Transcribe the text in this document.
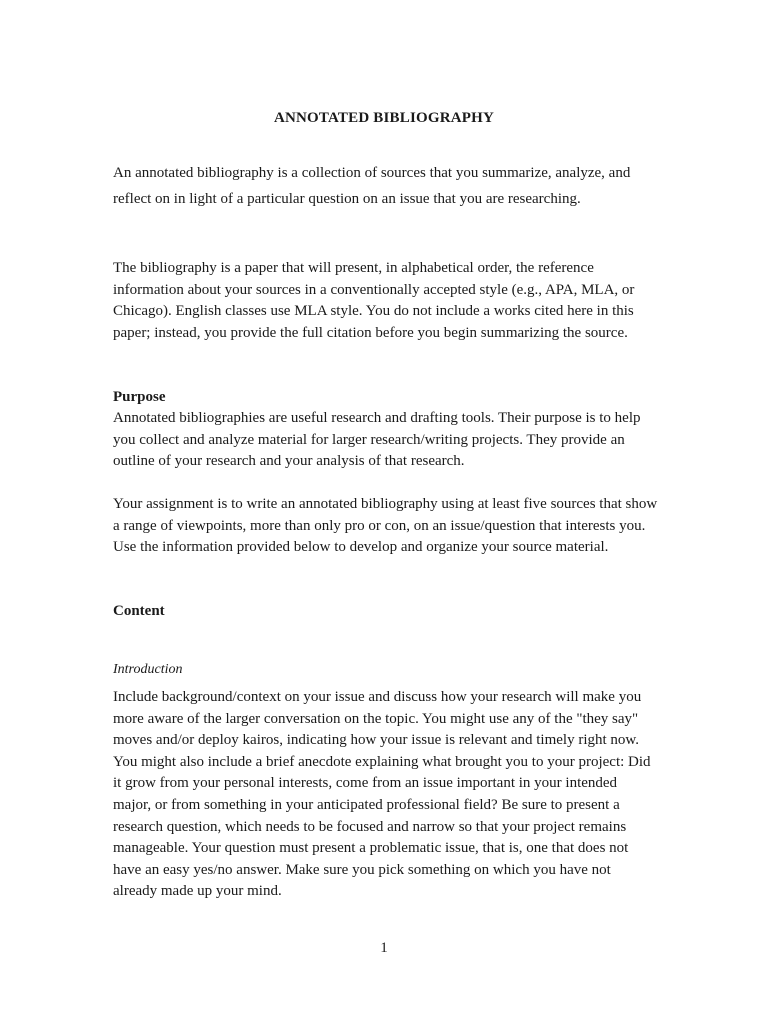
ANNOTATED BIBLIOGRAPHY

An annotated bibliography is a collection of sources that you summarize, analyze, and reflect on in light of a particular question on an issue that you are researching.

The bibliography is a paper that will present, in alphabetical order, the reference information about your sources in a conventionally accepted style (e.g., APA, MLA, or Chicago). English classes use MLA style. You do not include a works cited here in this paper; instead, you provide the full citation before you begin summarizing the source.

Purpose

Annotated bibliographies are useful research and drafting tools. Their purpose is to help you collect and analyze material for larger research/writing projects. They provide an outline of your research and your analysis of that research.

Your assignment is to write an annotated bibliography using at least five sources that show a range of viewpoints, more than only pro or con, on an issue/question that interests you. Use the information provided below to develop and organize your source material.

Content
Introduction

Include background/context on your issue and discuss how your research will make you more aware of the larger conversation on the topic. You might use any of the "they say" moves and/or deploy kairos, indicating how your issue is relevant and timely right now. You might also include a brief anecdote explaining what brought you to your project: Did it grow from your personal interests, come from an issue important in your intended major, or from something in your anticipated professional field? Be sure to present a research question, which needs to be focused and narrow so that your project remains manageable. Your question must present a problematic issue, that is, one that does not have an easy yes/no answer. Make sure you pick something on which you have not already made up your mind.

1
